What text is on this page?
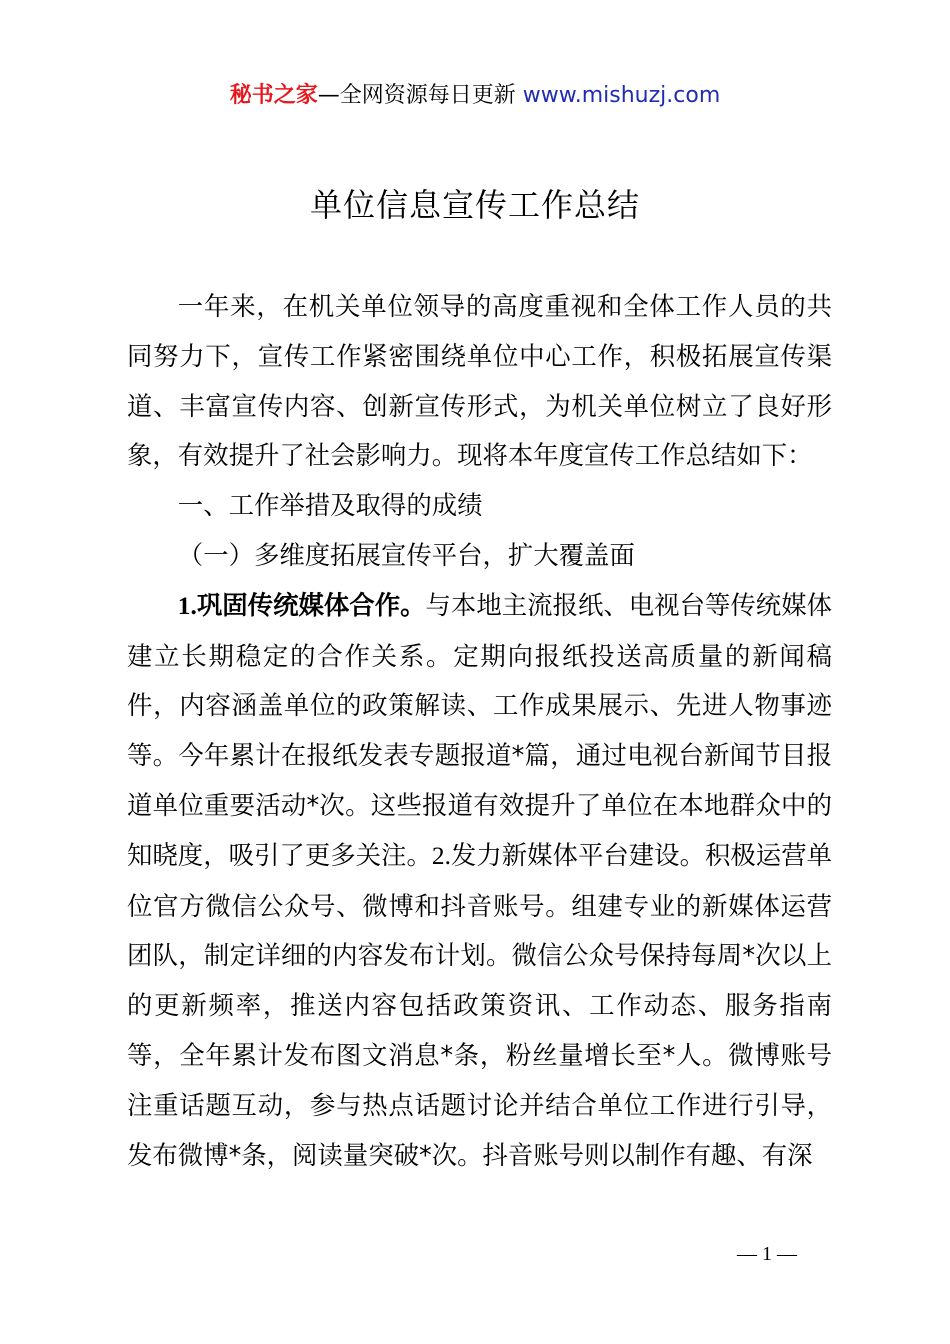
秘书之家—全网资源每日更新 www.mishuzj.com
单位信息宣传工作总结

一年来，在机关单位领导的高度重视和全体工作人员的共同努力下，宣传工作紧密围绕单位中心工作，积极拓展宣传渠道、丰富宣传内容、创新宣传形式，为机关单位树立了良好形象，有效提升了社会影响力。现将本年度宣传工作总结如下：

一、工作举措及取得的成绩

（一）多维度拓展宣传平台，扩大覆盖面

1.巩固传统媒体合作。与本地主流报纸、电视台等传统媒体建立长期稳定的合作关系。定期向报纸投送高质量的新闻稿件，内容涵盖单位的政策解读、工作成果展示、先进人物事迹等。今年累计在报纸发表专题报道*篇，通过电视台新闻节目报道单位重要活动*次。这些报道有效提升了单位在本地群众中的知晓度，吸引了更多关注。2.发力新媒体平台建设。积极运营单位官方微信公众号、微博和抖音账号。组建专业的新媒体运营团队，制定详细的内容发布计划。微信公众号保持每周*次以上的更新频率，推送内容包括政策资讯、工作动态、服务指南等，全年累计发布图文消息*条，粉丝量增长至*人。微博账号注重话题互动，参与热点话题讨论并结合单位工作进行引导，发布微博*条，阅读量突破*次。抖音账号则以制作有趣、有深

— 1 —
